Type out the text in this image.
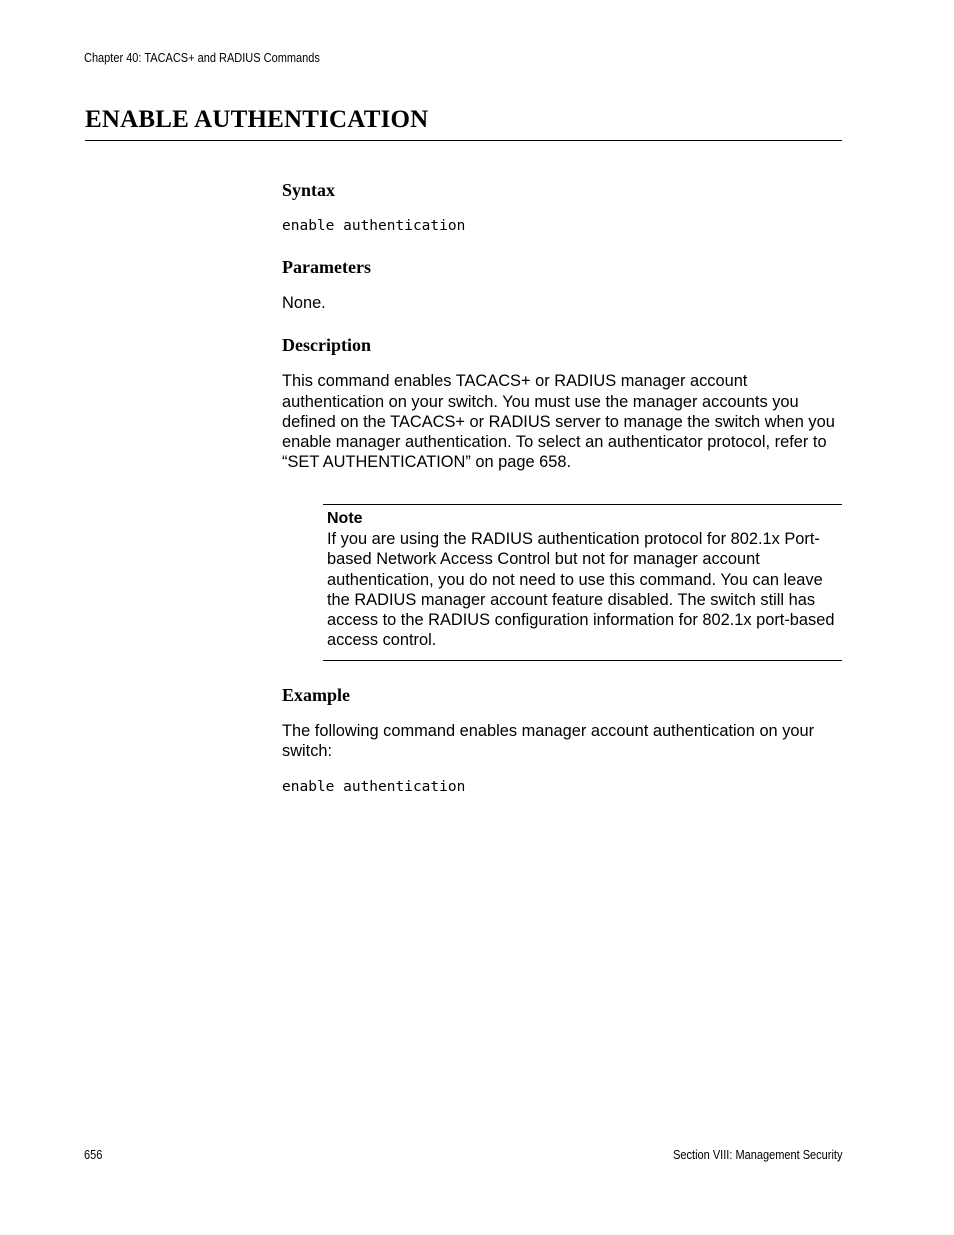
Chapter 40: TACACS+ and RADIUS Commands
ENABLE AUTHENTICATION
Syntax

enable authentication

Parameters

None.

Description

This command enables TACACS+ or RADIUS manager account authentication on your switch. You must use the manager accounts you defined on the TACACS+ or RADIUS server to manage the switch when you enable manager authentication. To select an authenticator protocol, refer to “SET AUTHENTICATION” on page 658.

Note

If you are using the RADIUS authentication protocol for 802.1x Port-based Network Access Control but not for manager account authentication, you do not need to use this command. You can leave the RADIUS manager account feature disabled. The switch still has access to the RADIUS configuration information for 802.1x port-based access control.

Example

The following command enables manager account authentication on your switch:

enable authentication

656	Section VIII: Management Security
